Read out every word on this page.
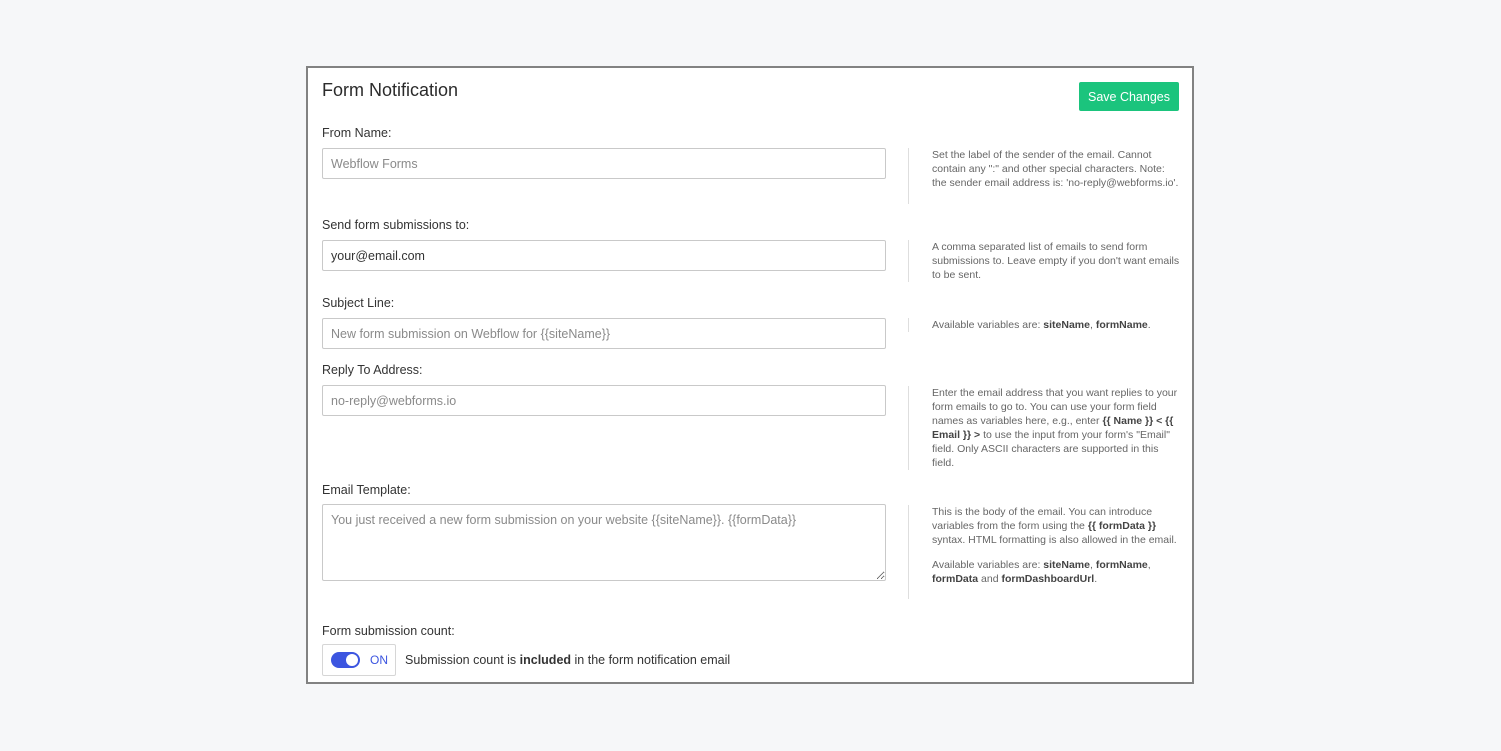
Form Notification	Save Changes
From Name:
Webflow Forms
Set the label of the sender of the email. Cannot contain any ":" and other special characters. Note: the sender email address is: 'no-reply@webforms.io'.
Send form submissions to:
your@email.com
A comma separated list of emails to send form submissions to. Leave empty if you don't want emails to be sent.
Subject Line:
New form submission on Webflow for {{siteName}}
Available variables are: siteName, formName.
Reply To Address:
no-reply@webforms.io
Enter the email address that you want replies to your form emails to go to. You can use your form field names as variables here, e.g., enter {{ Name }} < {{ Email }} > to use the input from your form's "Email" field. Only ASCII characters are supported in this field.
Email Template:
You just received a new form submission on your website {{siteName}}. {{formData}}

This is the body of the email. You can introduce variables from the form using the {{ formData }} syntax. HTML formatting is also allowed in the email.

Available variables are: siteName, formName, formData and formDashboardUrl.

Form submission count:
ON Submission count is included in the form notification email
